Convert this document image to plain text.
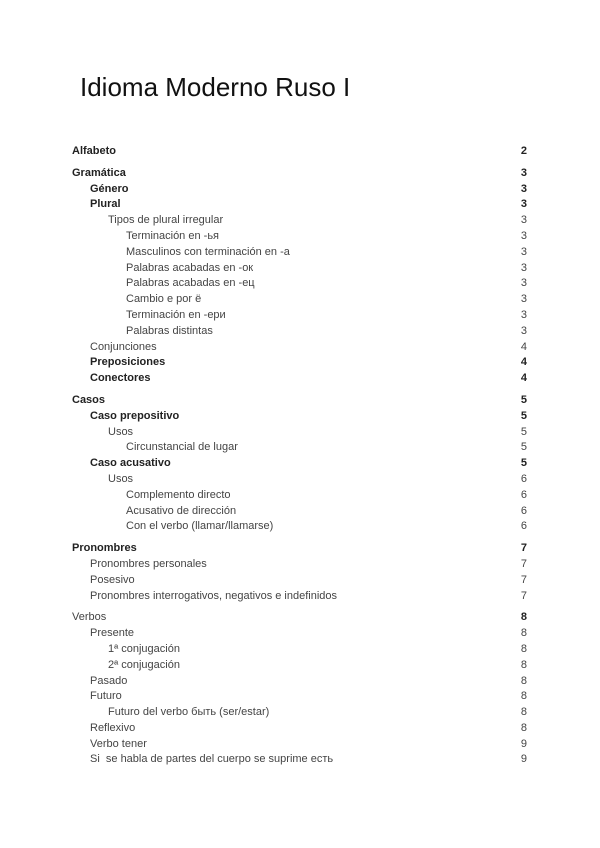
Idioma Moderno Ruso I
Alfabeto	2
Gramática	3
Género	3
Plural	3
Tipos de plural irregular	3
Terminación en -ья	3
Masculinos con terminación en -a	3
Palabras acabadas en -ок	3
Palabras acabadas en -ец	3
Cambio e por ë	3
Terminación en -ери	3
Palabras distintas	3
Conjunciones	4
Preposiciones	4
Conectores	4
Casos	5
Caso prepositivo	5
Usos	5
Circunstancial de lugar	5
Caso acusativo	5
Usos	6
Complemento directo	6
Acusativo de dirección	6
Con el verbo (llamar/llamarse)	6
Pronombres	7
Pronombres personales	7
Posesivo	7
Pronombres interrogativos, negativos e indefinidos	7
Verbos	8
Presente	8
1ª conjugación	8
2ª conjugación	8
Pasado	8
Futuro	8
Futuro del verbo быть (ser/estar)	8
Reflexivo	8
Verbo tener	9
Si  se habla de partes del cuerpo se suprime есть	9
